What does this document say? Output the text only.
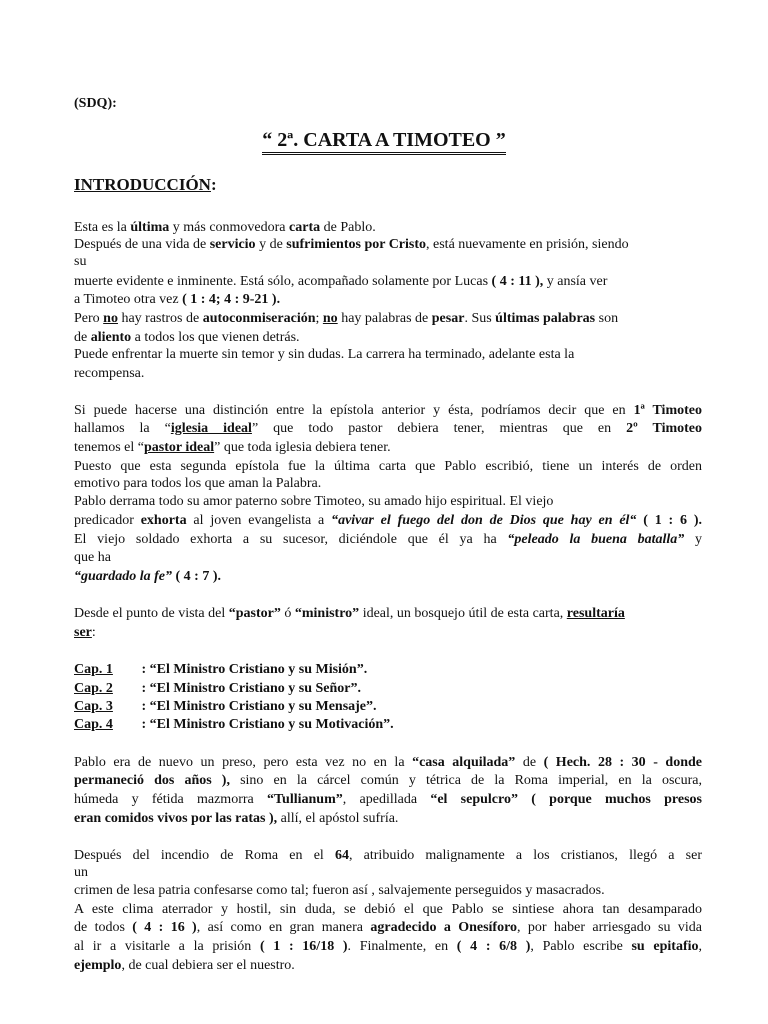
(SDQ):
“ 2ª. CARTA A TIMOTEO ”
INTRODUCCIÓN:
Esta es la última y más conmovedora carta de Pablo.
Después de una vida de servicio y de sufrimientos por Cristo, está nuevamente en prisión, siendo
su
muerte evidente e inminente. Está sólo, acompañado solamente por Lucas ( 4 : 11 ), y ansía ver
a Timoteo otra vez ( 1 : 4; 4 : 9-21 ).
Pero no hay rastros de autoconmiseración; no hay palabras de pesar. Sus últimas palabras son
de aliento a todos los que vienen detrás.
Puede enfrentar la muerte sin temor y sin dudas. La carrera ha terminado, adelante esta la
recompensa.
Si puede hacerse una distinción entre la epístola anterior y ésta, podríamos decir que en 1ª Timoteo
hallamos la “iglesia ideal” que todo pastor debiera tener, mientras que en 2º Timoteo
tenemos el “pastor ideal” que toda iglesia debiera tener.
Puesto que esta segunda epístola fue la última carta que Pablo escribió, tiene un interés de orden
emotivo para todos los que aman la Palabra.
Pablo derrama todo su amor paterno sobre Timoteo, su amado hijo espiritual. El viejo
predicador exhorta al joven evangelista a “avivar el fuego del don de Dios que hay en él“ ( 1 : 6 ).
El viejo soldado exhorta a su sucesor, diciéndole que él ya ha “peleado la buena batalla” y
que ha
“guardado la fe” ( 4 : 7 ).
Desde el punto de vista del “pastor” ó “ministro” ideal, un bosquejo útil de esta carta, resultaría
ser:
Cap. 1 : “El Ministro Cristiano y su Misión”.
Cap. 2 : “El Ministro Cristiano y su Señor”.
Cap. 3 : “El Ministro Cristiano y su Mensaje”.
Cap. 4 : “El Ministro Cristiano y su Motivación”.
Pablo era de nuevo un preso, pero esta vez no en la “casa alquilada” de ( Hech. 28 : 30 - donde
permaneció dos años ), sino en la cárcel común y tétrica de la Roma imperial, en la oscura,
húmeda y fétida mazmorra “Tullianum”, apedillada “el sepulcro” ( porque muchos presos
eran comidos vivos por las ratas ), allí, el apóstol sufría.
Después del incendio de Roma en el 64, atribuido malignamente a los cristianos, llegó a ser
un
crimen de lesa patria confesarse como tal; fueron así , salvajemente perseguidos y masacrados.
A este clima aterrador y hostil, sin duda, se debió el que Pablo se sintiese ahora tan desamparado
de todos ( 4 : 16 ), así como en gran manera agradecido a Onesíforo, por haber arriesgado su vida
al ir a visitarle a la prisión ( 1 : 16/18 ). Finalmente, en ( 4 : 6/8 ), Pablo escribe su epitafio,
ejemplo, de cual debiera ser el nuestro.
